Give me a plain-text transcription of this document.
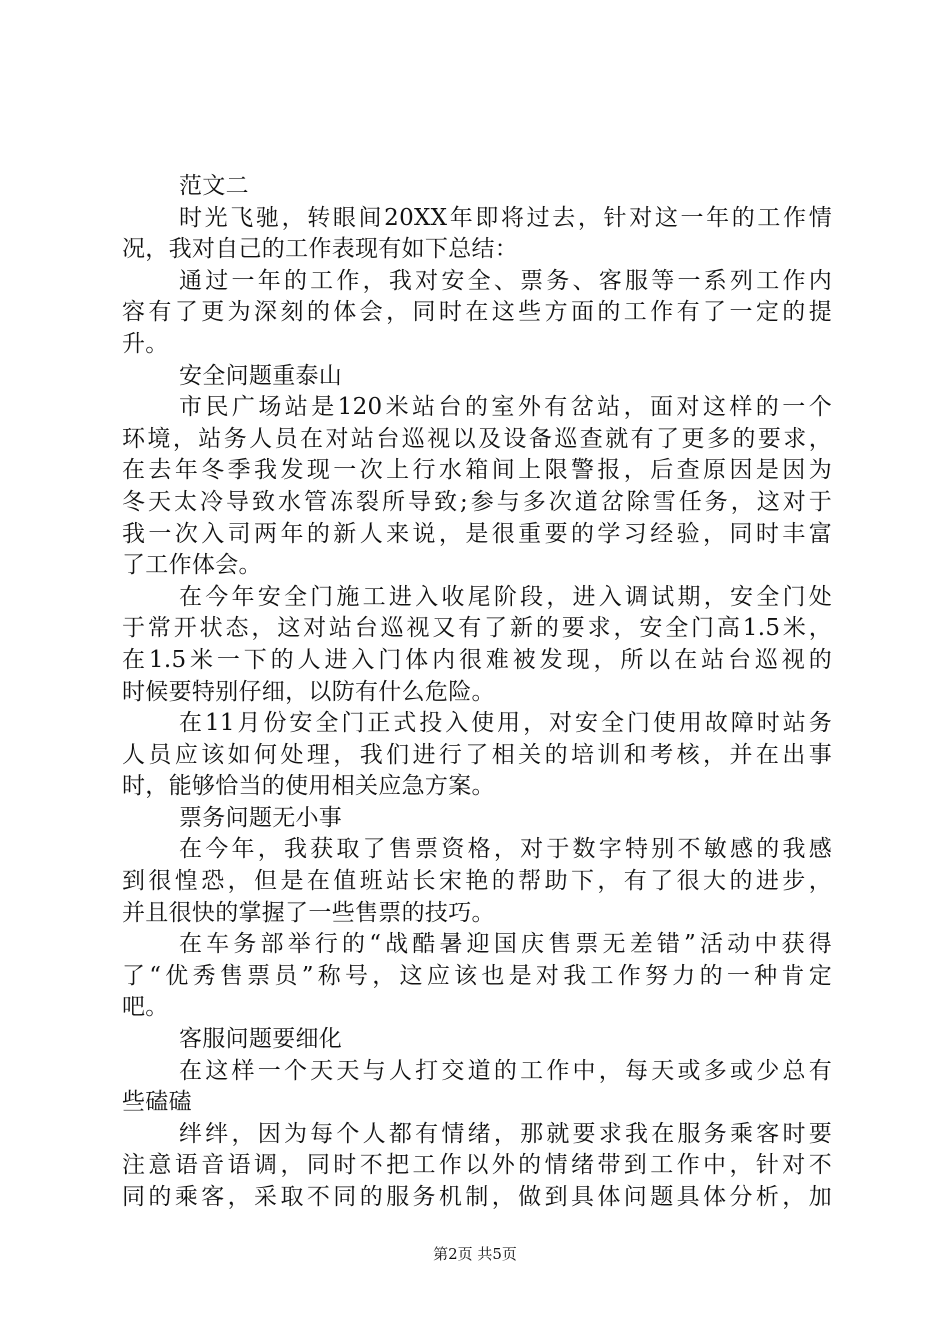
范文二
时光飞驰，转眼间20XX年即将过去，针对这一年的工作情
况，我对自己的工作表现有如下总结：
通过一年的工作，我对安全、票务、客服等一系列工作内
容有了更为深刻的体会，同时在这些方面的工作有了一定的提
升。
安全问题重泰山
市民广场站是120米站台的室外有岔站，面对这样的一个
环境，站务人员在对站台巡视以及设备巡查就有了更多的要求，
在去年冬季我发现一次上行水箱间上限警报，后查原因是因为
冬天太冷导致水管冻裂所导致;参与多次道岔除雪任务，这对于
我一次入司两年的新人来说，是很重要的学习经验，同时丰富
了工作体会。
在今年安全门施工进入收尾阶段，进入调试期，安全门处
于常开状态，这对站台巡视又有了新的要求，安全门高1.5米，
在1.5米一下的人进入门体内很难被发现，所以在站台巡视的
时候要特别仔细，以防有什么危险。
在11月份安全门正式投入使用，对安全门使用故障时站务
人员应该如何处理，我们进行了相关的培训和考核，并在出事
时，能够恰当的使用相关应急方案。
票务问题无小事
在今年，我获取了售票资格，对于数字特别不敏感的我感
到很惶恐，但是在值班站长宋艳的帮助下，有了很大的进步，
并且很快的掌握了一些售票的技巧。
在车务部举行的“战酷暑迎国庆售票无差错”活动中获得
了“优秀售票员”称号，这应该也是对我工作努力的一种肯定
吧。
客服问题要细化
在这样一个天天与人打交道的工作中，每天或多或少总有
些磕磕
绊绊，因为每个人都有情绪，那就要求我在服务乘客时要
注意语音语调，同时不把工作以外的情绪带到工作中，针对不
同的乘客，采取不同的服务机制，做到具体问题具体分析，加
第2页 共5页
